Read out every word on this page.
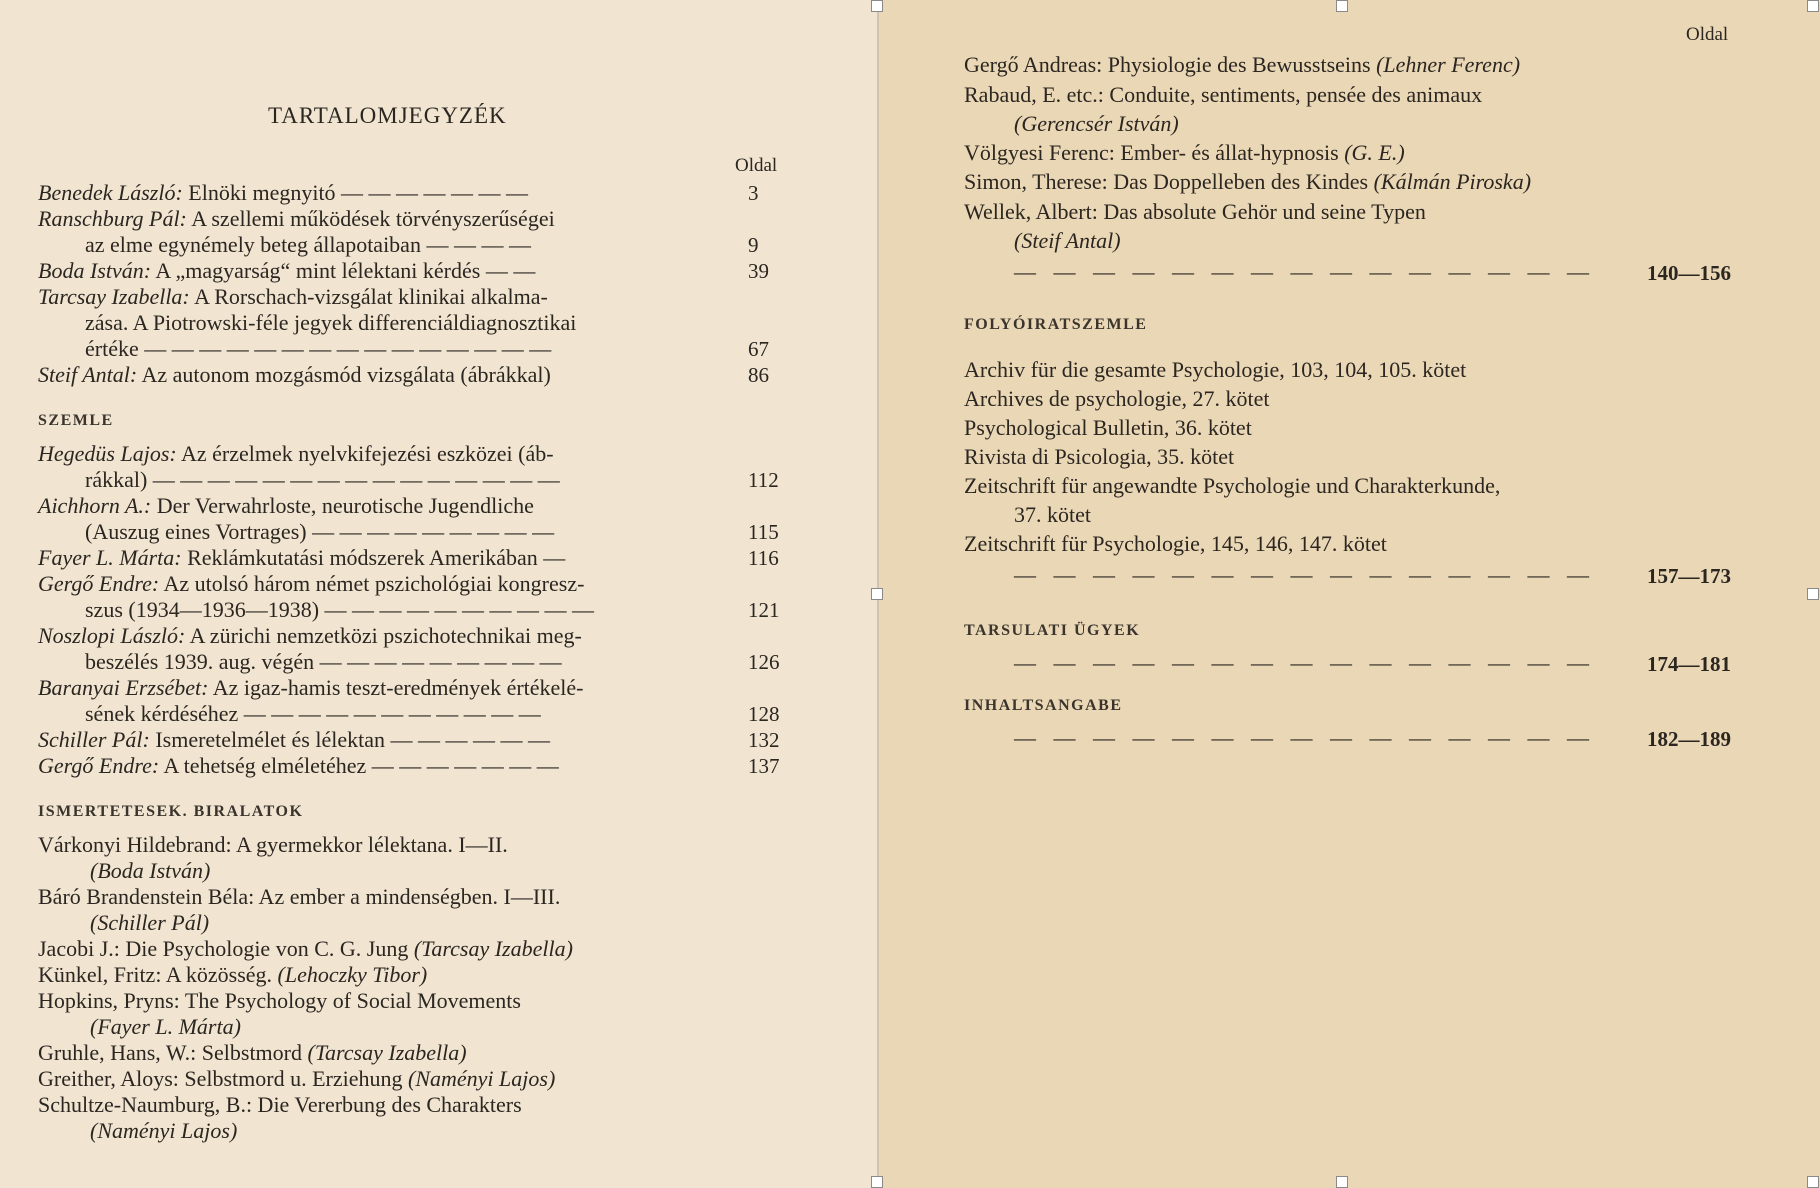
TARTALOMJEGYZÉK
Oldal
Benedek László: Elnöki megnyitó — — — — — — —	3
Ranschburg Pál: A szellemi működések törvényszerűségei
az elme egynémely beteg állapotaiban — — — —	9
Boda István: A „magyarság“ mint lélektani kérdés — —	39
Tarcsay Izabella: A Rorschach-vizsgálat klinikai alkalma-
zása. A Piotrowski-féle jegyek differenciáldiagnosztikai
értéke — — — — — — — — — — — — — — —	67
Steif Antal: Az autonom mozgásmód vizsgálata (ábrákkal)	86
SZEMLE
Hegedüs Lajos: Az érzelmek nyelvkifejezési eszközei (áb-
rákkal) — — — — — — — — — — — — — — —	112
Aichhorn A.: Der Verwahrloste, neurotische Jugendliche
(Auszug eines Vortrages) — — — — — — — — —	115
Fayer L. Márta: Reklámkutatási módszerek Amerikában —	116
Gergő Endre: Az utolsó három német pszichológiai kongresz-
szus (1934—1936—1938) — — — — — — — — — —	121
Noszlopi László: A zürichi nemzetközi pszichotechnikai meg-
beszélés 1939. aug. végén — — — — — — — — —	126
Baranyai Erzsébet: Az igaz-hamis teszt-eredmények értékelé-
sének kérdéséhez — — — — — — — — — — —	128
Schiller Pál: Ismeretelmélet és lélektan — — — — — —	132
Gergő Endre: A tehetség elméletéhez — — — — — — —	137
ISMERTETESEK. BIRALATOK
Várkonyi Hildebrand: A gyermekkor lélektana. I—II.
(Boda István)
Báró Brandenstein Béla: Az ember a mindenségben. I—III.
(Schiller Pál)
Jacobi J.: Die Psychologie von C. G. Jung (Tarcsay Izabella)
Künkel, Fritz: A közösség. (Lehoczky Tibor)
Hopkins, Pryns: The Psychology of Social Movements
(Fayer L. Márta)
Gruhle, Hans, W.: Selbstmord (Tarcsay Izabella)
Greither, Aloys: Selbstmord u. Erziehung (Naményi Lajos)
Schultze-Naumburg, B.: Die Vererbung des Charakters
(Naményi Lajos)
Oldal
Gergő Andreas: Physiologie des Bewusstseins (Lehner Ferenc)
Rabaud, E. etc.: Conduite, sentiments, pensée des animaux
(Gerencsér István)
Völgyesi Ferenc: Ember- és állat-hypnosis (G. E.)
Simon, Therese: Das Doppelleben des Kindes (Kálmán Piroska)
Wellek, Albert: Das absolute Gehör und seine Typen
(Steif Antal)
— — — — — — — — — — — — — — — 140—156
FOLYÓIRATSZEMLE
Archiv für die gesamte Psychologie, 103, 104, 105. kötet
Archives de psychologie, 27. kötet
Psychological Bulletin, 36. kötet
Rivista di Psicologia, 35. kötet
Zeitschrift für angewandte Psychologie und Charakterkunde,
37. kötet
Zeitschrift für Psychologie, 145, 146, 147. kötet
— — — — — — — — — — — — — — — 157—173
TARSULATI ÜGYEK
— — — — — — — — — — — — — — — 174—181
INHALTSANGABE
— — — — — — — — — — — — — — — 182—189
